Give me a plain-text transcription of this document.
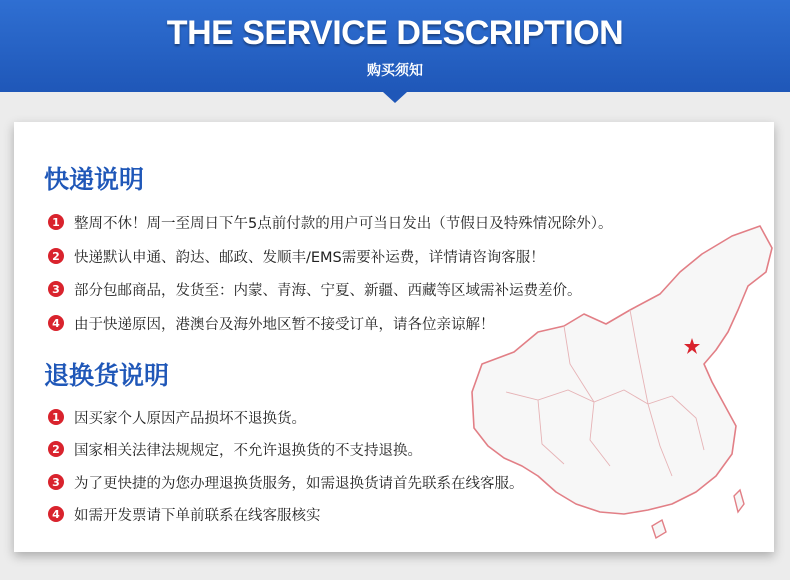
THE SERVICE DESCRIPTION
购买须知
快递说明
1 整周不休！周一至周日下午5点前付款的用户可当日发出（节假日及特殊情况除外）。
2 快递默认申通、韵达、邮政、发顺丰/EMS需要补运费，详情请咨询客服！
3 部分包邮商品，发货至：内蒙、青海、宁夏、新疆、西藏等区域需补运费差价。
4 由于快递原因，港澳台及海外地区暂不接受订单，请各位亲谅解！
退换货说明
1 因买家个人原因产品损坏不退换货。
2 国家相关法律法规规定，不允许退换货的不支持退换。
3 为了更快捷的为您办理退换货服务，如需退换货请首先联系在线客服。
4 如需开发票请下单前联系在线客服核实
